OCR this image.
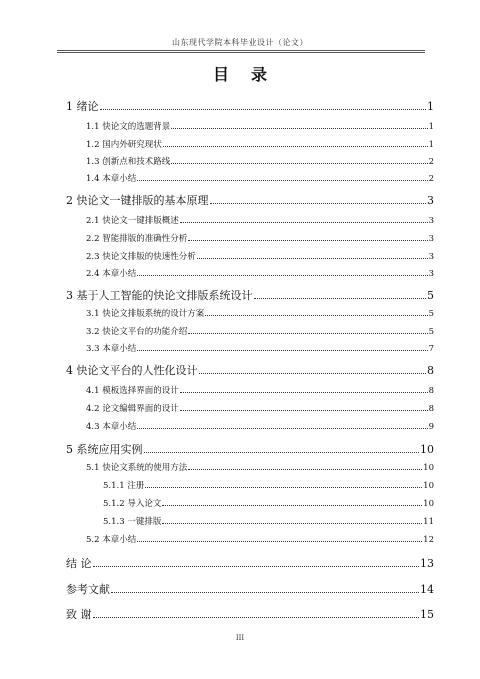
山东现代学院本科毕业设计（论文）
目录
1 绪论	1
1.1 快论文的选题背景	1
1.2 国内外研究现状	1
1.3 创新点和技术路线	2
1.4 本章小结	2
2 快论文一键排版的基本原理	3
2.1 快论文一键排版概述	3
2.2 智能排版的准确性分析	3
2.3 快论文排版的快速性分析	3
2.4 本章小结	3
3 基于人工智能的快论文排版系统设计	5
3.1 快论文排版系统的设计方案	5
3.2 快论文平台的功能介绍	5
3.3 本章小结	7
4 快论文平台的人性化设计	8
4.1 模板选择界面的设计	8
4.2 论文编辑界面的设计	8
4.3 本章小结	9
5 系统应用实例	10
5.1 快论文系统的使用方法	10
5.1.1 注册	10
5.1.2 导入论文	10
5.1.3 一键排版	11
5.2 本章小结	12
结 论	13
参考文献	14
致 谢	15
III
